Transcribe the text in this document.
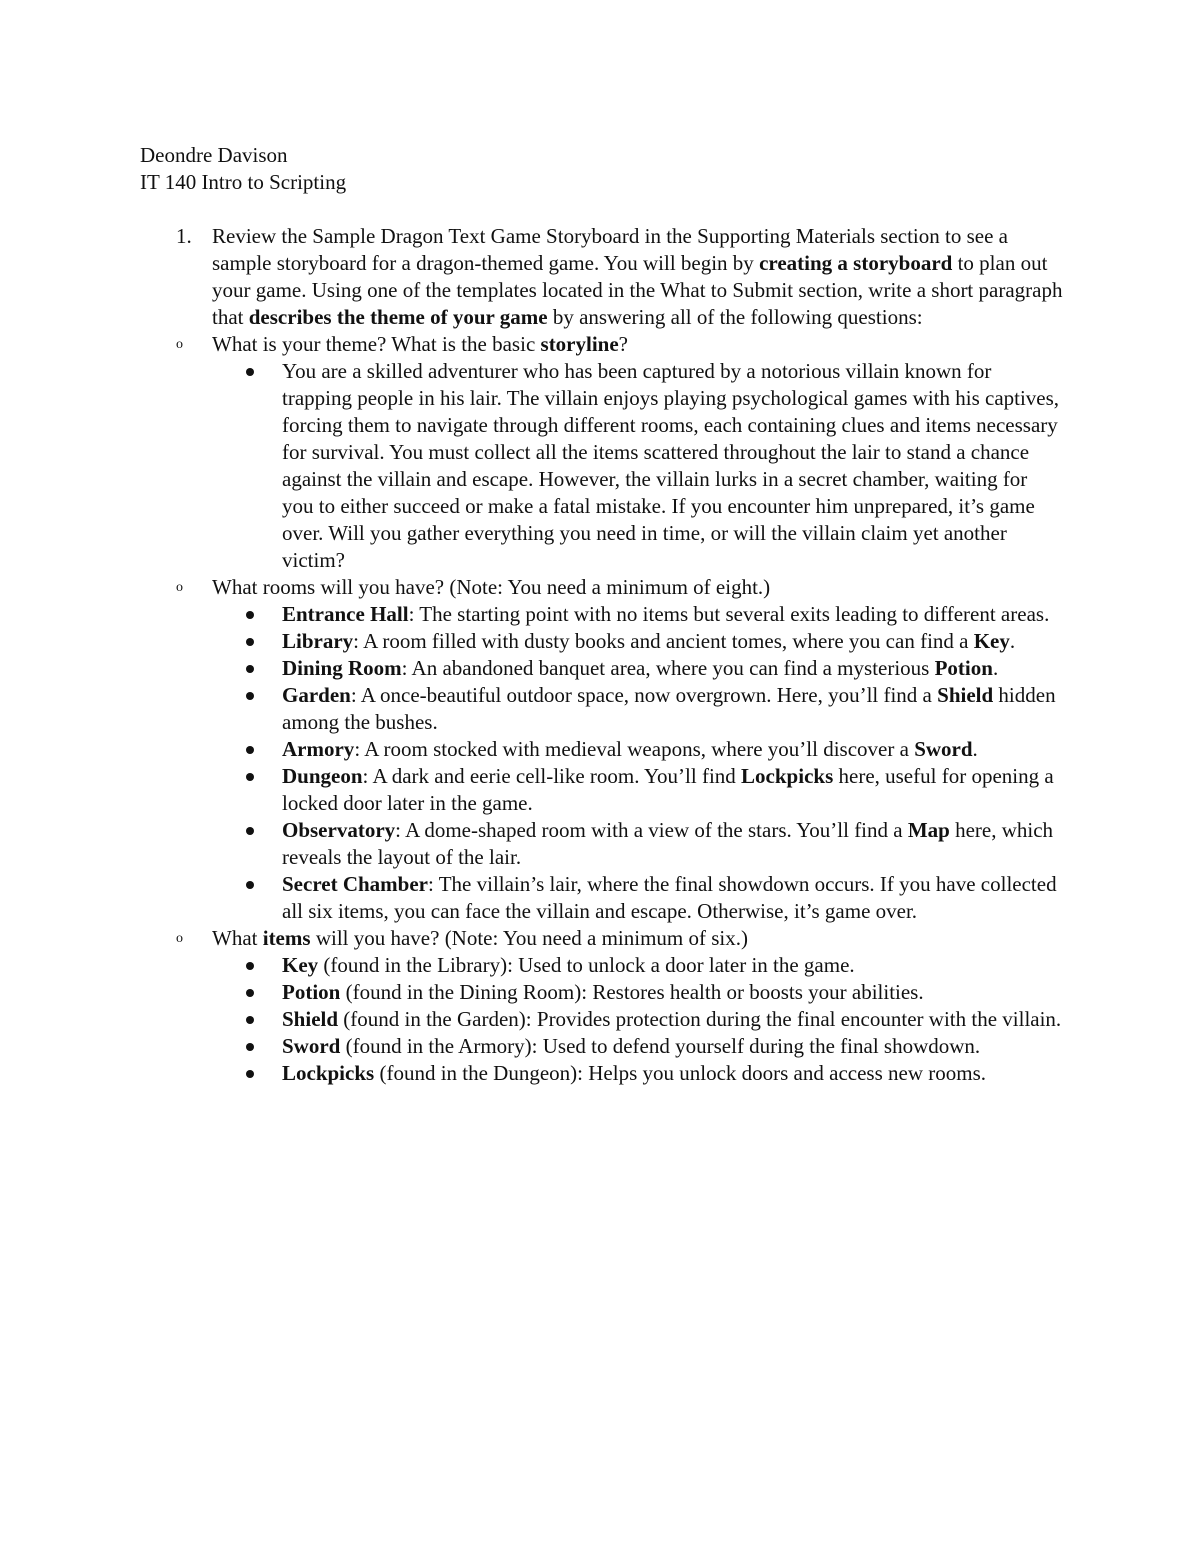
Deondre Davison

IT 140 Intro to Scripting

1. Review the Sample Dragon Text Game Storyboard in the Supporting Materials section to see a sample storyboard for a dragon-themed game. You will begin by creating a storyboard to plan out your game. Using one of the templates located in the What to Submit section, write a short paragraph that describes the theme of your game by answering all of the following questions:
o What is your theme? What is the basic storyline?
You are a skilled adventurer who has been captured by a notorious villain known for trapping people in his lair. The villain enjoys playing psychological games with his captives, forcing them to navigate through different rooms, each containing clues and items necessary for survival. You must collect all the items scattered throughout the lair to stand a chance against the villain and escape. However, the villain lurks in a secret chamber, waiting for you to either succeed or make a fatal mistake. If you encounter him unprepared, it’s game over. Will you gather everything you need in time, or will the villain claim yet another victim?
o What rooms will you have? (Note: You need a minimum of eight.)
Entrance Hall: The starting point with no items but several exits leading to different areas.
Library: A room filled with dusty books and ancient tomes, where you can find a Key.
Dining Room: An abandoned banquet area, where you can find a mysterious Potion.
Garden: A once-beautiful outdoor space, now overgrown. Here, you’ll find a Shield hidden among the bushes.
Armory: A room stocked with medieval weapons, where you’ll discover a Sword.
Dungeon: A dark and eerie cell-like room. You’ll find Lockpicks here, useful for opening a locked door later in the game.
Observatory: A dome-shaped room with a view of the stars. You’ll find a Map here, which reveals the layout of the lair.
Secret Chamber: The villain’s lair, where the final showdown occurs. If you have collected all six items, you can face the villain and escape. Otherwise, it’s game over.
o What items will you have? (Note: You need a minimum of six.)
Key (found in the Library): Used to unlock a door later in the game.
Potion (found in the Dining Room): Restores health or boosts your abilities.
Shield (found in the Garden): Provides protection during the final encounter with the villain.
Sword (found in the Armory): Used to defend yourself during the final showdown.
Lockpicks (found in the Dungeon): Helps you unlock doors and access new rooms.
